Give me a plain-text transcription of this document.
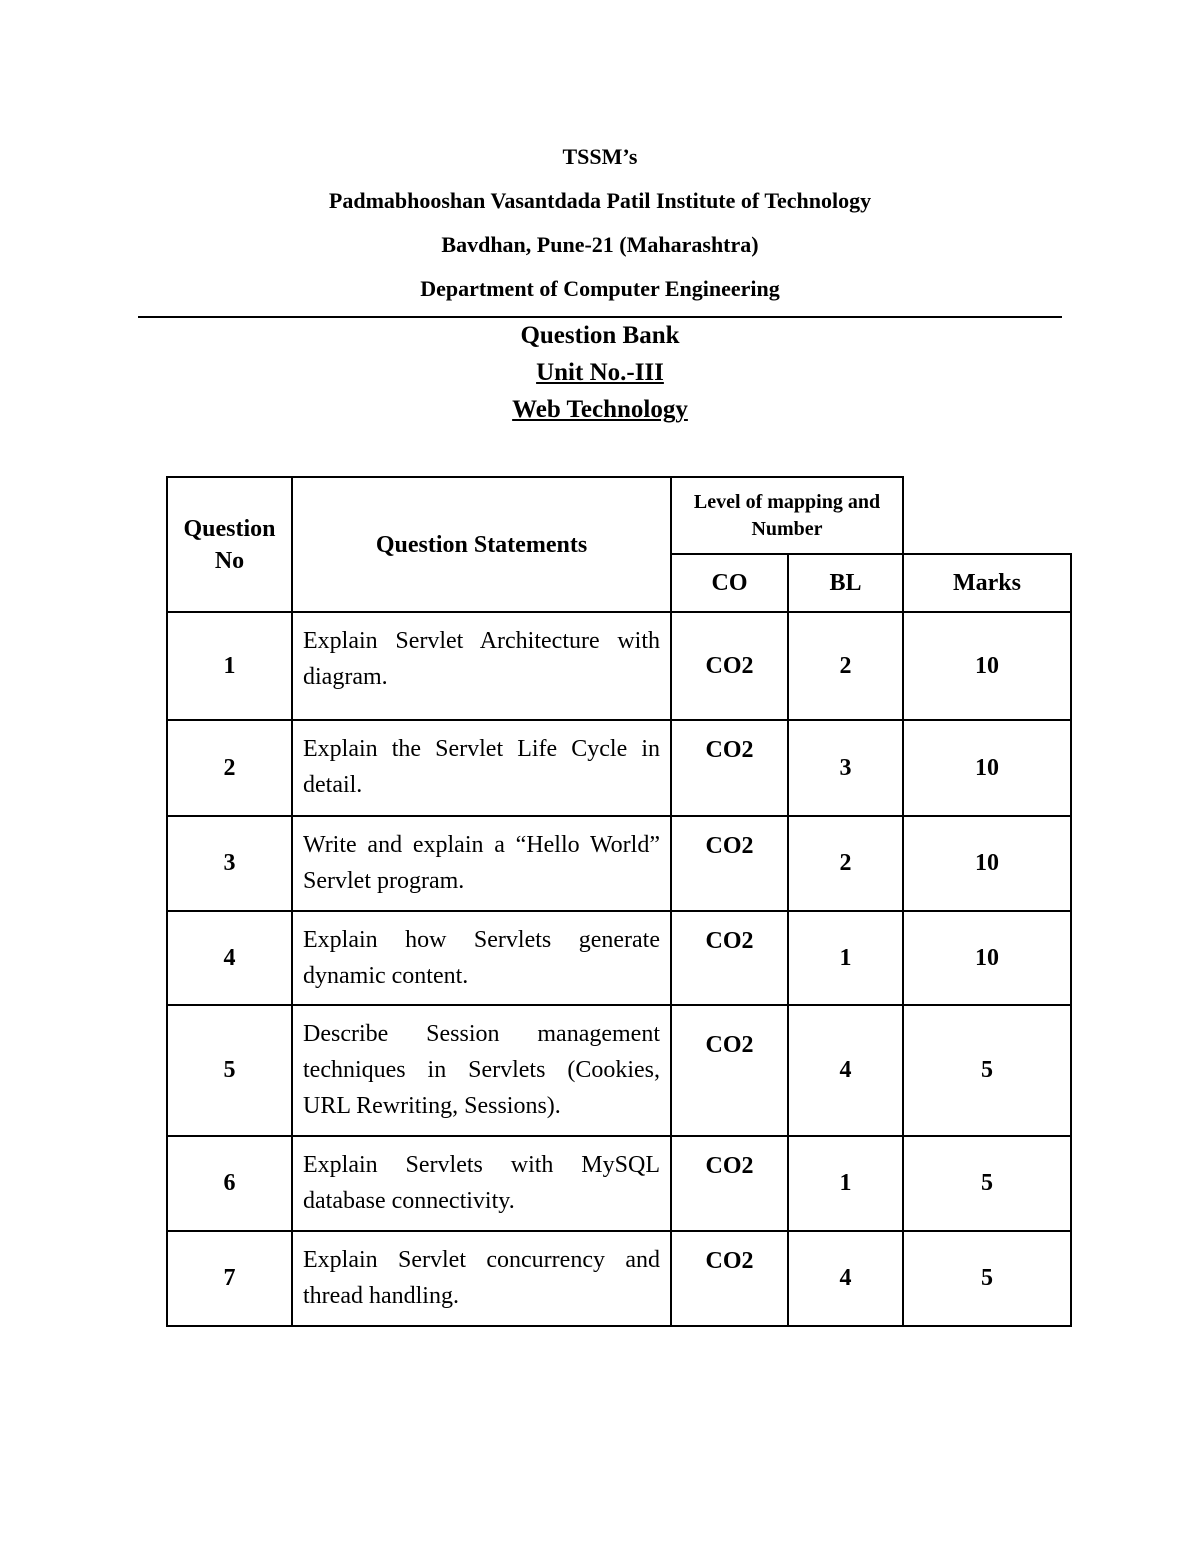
TSSM’s
Padmabhooshan Vasantdada Patil Institute of Technology
Bavdhan, Pune-21 (Maharashtra)
Department of Computer Engineering
Question Bank
Unit No.-III
Web Technology
Question No	Question Statements	Level of mapping and Number		
		CO	BL	Marks
1	Explain Servlet Architecture with diagram.	CO2	2	10
2	Explain the Servlet Life Cycle in detail.	CO2	3	10
3	Write and explain a “Hello World” Servlet program.	CO2	2	10
4	Explain how Servlets generate dynamic content.	CO2	1	10
5	Describe Session management techniques in Servlets (Cookies, URL Rewriting, Sessions).	CO2	4	5
6	Explain Servlets with MySQL database connectivity.	CO2	1	5
7	Explain Servlet concurrency and thread handling.	CO2	4	5
